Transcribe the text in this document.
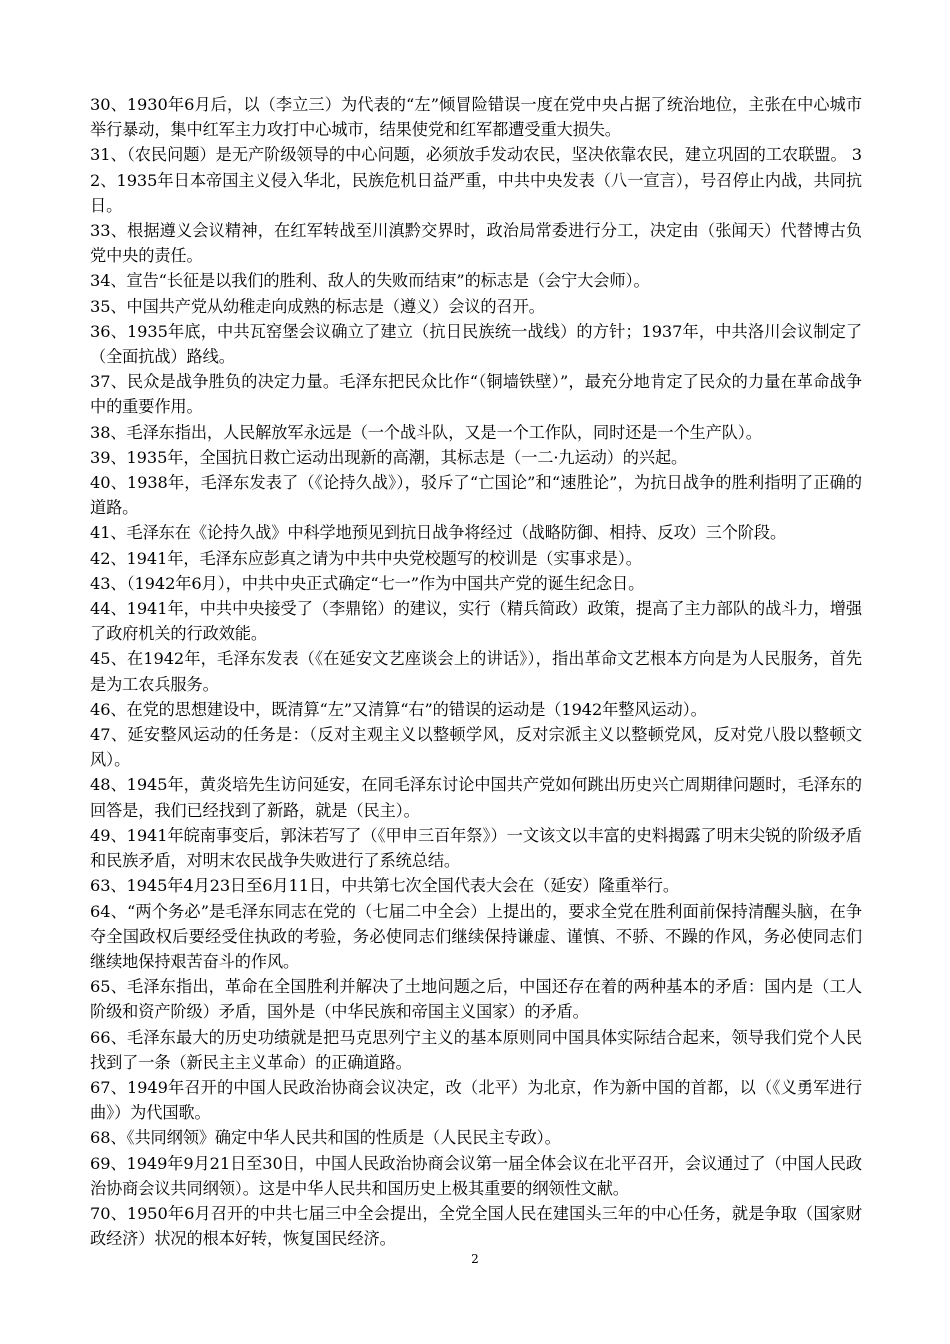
30、1930年6月后，以（李立三）为代表的“左”倾冒险错误一度在党中央占据了统治地位，主张在中心城市举行暴动，集中红军主力攻打中心城市，结果使党和红军都遭受重大损失。

31、（农民问题）是无产阶级领导的中心问题，必须放手发动农民，坚决依靠农民，建立巩固的工农联盟。 32、1935年日本帝国主义侵入华北，民族危机日益严重，中共中央发表（八一宣言），号召停止内战，共同抗日。

33、根据遵义会议精神，在红军转战至川滇黔交界时，政治局常委进行分工，决定由（张闻天）代替博古负党中央的责任。

34、宣告“长征是以我们的胜利、敌人的失败而结束”的标志是（会宁大会师）。

35、中国共产党从幼稚走向成熟的标志是（遵义）会议的召开。

36、1935年底，中共瓦窑堡会议确立了建立（抗日民族统一战线）的方针；1937年，中共洛川会议制定了（全面抗战）路线。

37、民众是战争胜负的决定力量。毛泽东把民众比作“（铜墙铁壁）”，最充分地肯定了民众的力量在革命战争中的重要作用。

38、毛泽东指出，人民解放军永远是（一个战斗队，又是一个工作队，同时还是一个生产队）。

39、1935年，全国抗日救亡运动出现新的高潮，其标志是（一二·九运动）的兴起。

40、1938年，毛泽东发表了（《论持久战》），驳斥了“亡国论”和“速胜论”，为抗日战争的胜利指明了正确的道路。

41、毛泽东在《论持久战》中科学地预见到抗日战争将经过（战略防御、相持、反攻）三个阶段。

42、1941年，毛泽东应彭真之请为中共中央党校题写的校训是（实事求是）。

43、（1942年6月），中共中央正式确定“七一”作为中国共产党的诞生纪念日。

44、1941年，中共中央接受了（李鼎铭）的建议，实行（精兵简政）政策，提高了主力部队的战斗力，增强了政府机关的行政效能。

45、在1942年，毛泽东发表（《在延安文艺座谈会上的讲话》），指出革命文艺根本方向是为人民服务，首先是为工农兵服务。

46、在党的思想建设中，既清算“左”又清算“右”的错误的运动是（1942年整风运动）。

47、延安整风运动的任务是：（反对主观主义以整顿学风，反对宗派主义以整顿党风，反对党八股以整顿文风）。

48、1945年，黄炎培先生访问延安，在同毛泽东讨论中国共产党如何跳出历史兴亡周期律问题时，毛泽东的回答是，我们已经找到了新路，就是（民主）。

49、1941年皖南事变后，郭沫若写了（《甲申三百年祭》）一文该文以丰富的史料揭露了明末尖锐的阶级矛盾和民族矛盾，对明末农民战争失败进行了系统总结。

63、1945年4月23日至6月11日，中共第七次全国代表大会在（延安）隆重举行。

64、“两个务必”是毛泽东同志在党的（七届二中全会）上提出的，要求全党在胜利面前保持清醒头脑，在争夺全国政权后要经受住执政的考验，务必使同志们继续保持谦虚、谨慎、不骄、不躁的作风，务必使同志们继续地保持艰苦奋斗的作风。

65、毛泽东指出，革命在全国胜利并解决了土地问题之后，中国还存在着的两种基本的矛盾：国内是（工人阶级和资产阶级）矛盾，国外是（中华民族和帝国主义国家）的矛盾。

66、毛泽东最大的历史功绩就是把马克思列宁主义的基本原则同中国具体实际结合起来，领导我们党个人民找到了一条（新民主主义革命）的正确道路。

67、1949年召开的中国人民政治协商会议决定，改（北平）为北京，作为新中国的首都，以（《义勇军进行曲》）为代国歌。

68、《共同纲领》确定中华人民共和国的性质是（人民民主专政）。

69、1949年9月21日至30日，中国人民政治协商会议第一届全体会议在北平召开，会议通过了（中国人民政治协商会议共同纲领）。这是中华人民共和国历史上极其重要的纲领性文献。

70、1950年6月召开的中共七届三中全会提出，全党全国人民在建国头三年的中心任务，就是争取（国家财政经济）状况的根本好转，恢复国民经济。

2
